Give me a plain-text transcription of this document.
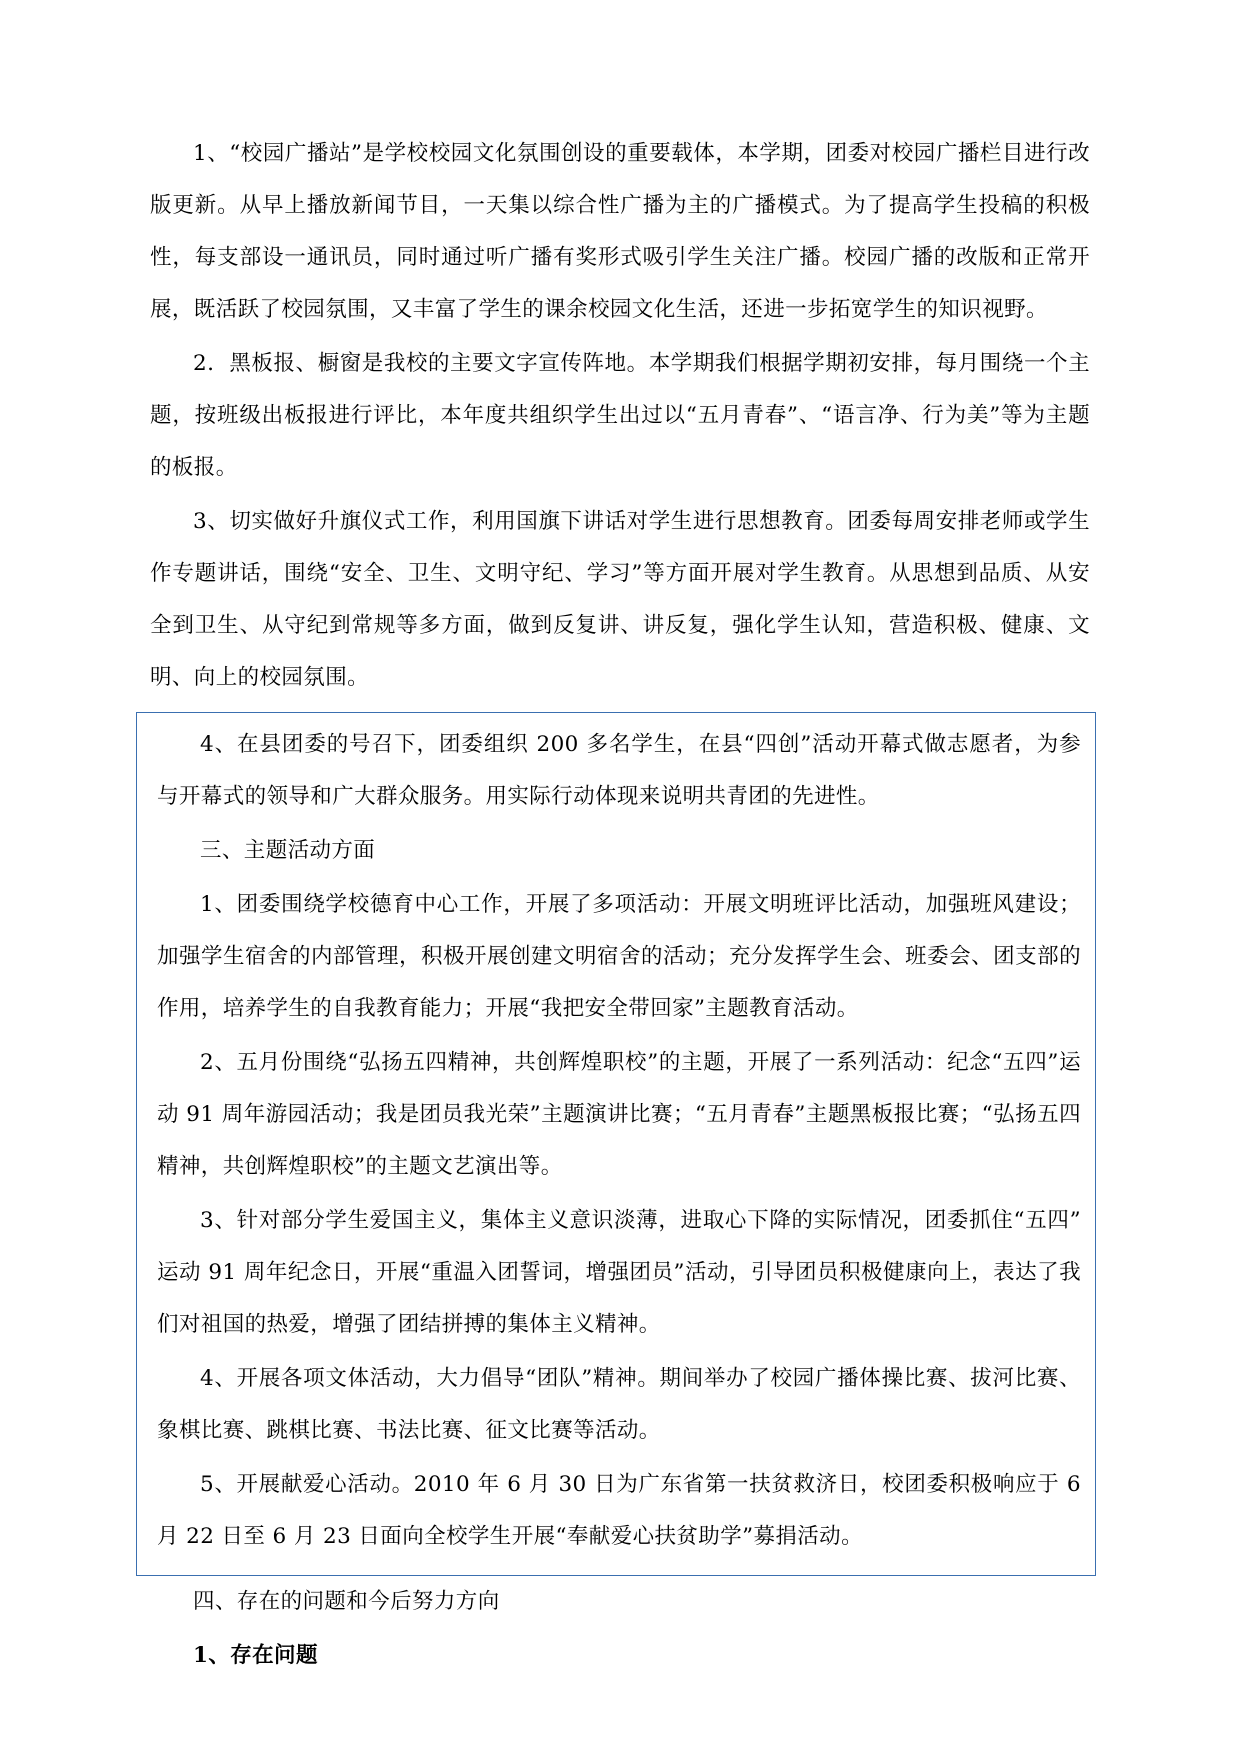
1、“校园广播站”是学校校园文化氛围创设的重要载体，本学期，团委对校园广播栏目进行改版更新。从早上播放新闻节目，一天集以综合性广播为主的广播模式。为了提高学生投稿的积极性，每支部设一通讯员，同时通过听广播有奖形式吸引学生关注广播。校园广播的改版和正常开展，既活跃了校园氛围，又丰富了学生的课余校园文化生活，还进一步拓宽学生的知识视野。

2．黑板报、橱窗是我校的主要文字宣传阵地。本学期我们根据学期初安排，每月围绕一个主题，按班级出板报进行评比，本年度共组织学生出过以“五月青春”、“语言净、行为美”等为主题的板报。

3、切实做好升旗仪式工作，利用国旗下讲话对学生进行思想教育。团委每周安排老师或学生作专题讲话，围绕“安全、卫生、文明守纪、学习”等方面开展对学生教育。从思想到品质、从安全到卫生、从守纪到常规等多方面，做到反复讲、讲反复，强化学生认知，营造积极、健康、文明、向上的校园氛围。

4、在县团委的号召下，团委组织 200 多名学生，在县“四创”活动开幕式做志愿者，为参与开幕式的领导和广大群众服务。用实际行动体现来说明共青团的先进性。

三、主题活动方面

1、团委围绕学校德育中心工作，开展了多项活动：开展文明班评比活动，加强班风建设；加强学生宿舍的内部管理，积极开展创建文明宿舍的活动；充分发挥学生会、班委会、团支部的作用，培养学生的自我教育能力；开展“我把安全带回家”主题教育活动。

2、五月份围绕“弘扬五四精神，共创辉煌职校”的主题，开展了一系列活动：纪念“五四”运动 91 周年游园活动；我是团员我光荣”主题演讲比赛；“五月青春”主题黑板报比赛；“弘扬五四精神，共创辉煌职校”的主题文艺演出等。

3、针对部分学生爱国主义，集体主义意识淡薄，进取心下降的实际情况，团委抓住“五四”运动 91 周年纪念日，开展“重温入团誓词，增强团员”活动，引导团员积极健康向上，表达了我们对祖国的热爱，增强了团结拼搏的集体主义精神。

4、开展各项文体活动，大力倡导“团队”精神。期间举办了校园广播体操比赛、拔河比赛、象棋比赛、跳棋比赛、书法比赛、征文比赛等活动。

5、开展献爱心活动。2010 年 6 月 30 日为广东省第一扶贫救济日，校团委积极响应于 6 月 22 日至 6 月 23 日面向全校学生开展“奉献爱心扶贫助学”募捐活动。

四、存在的问题和今后努力方向

1、存在问题
